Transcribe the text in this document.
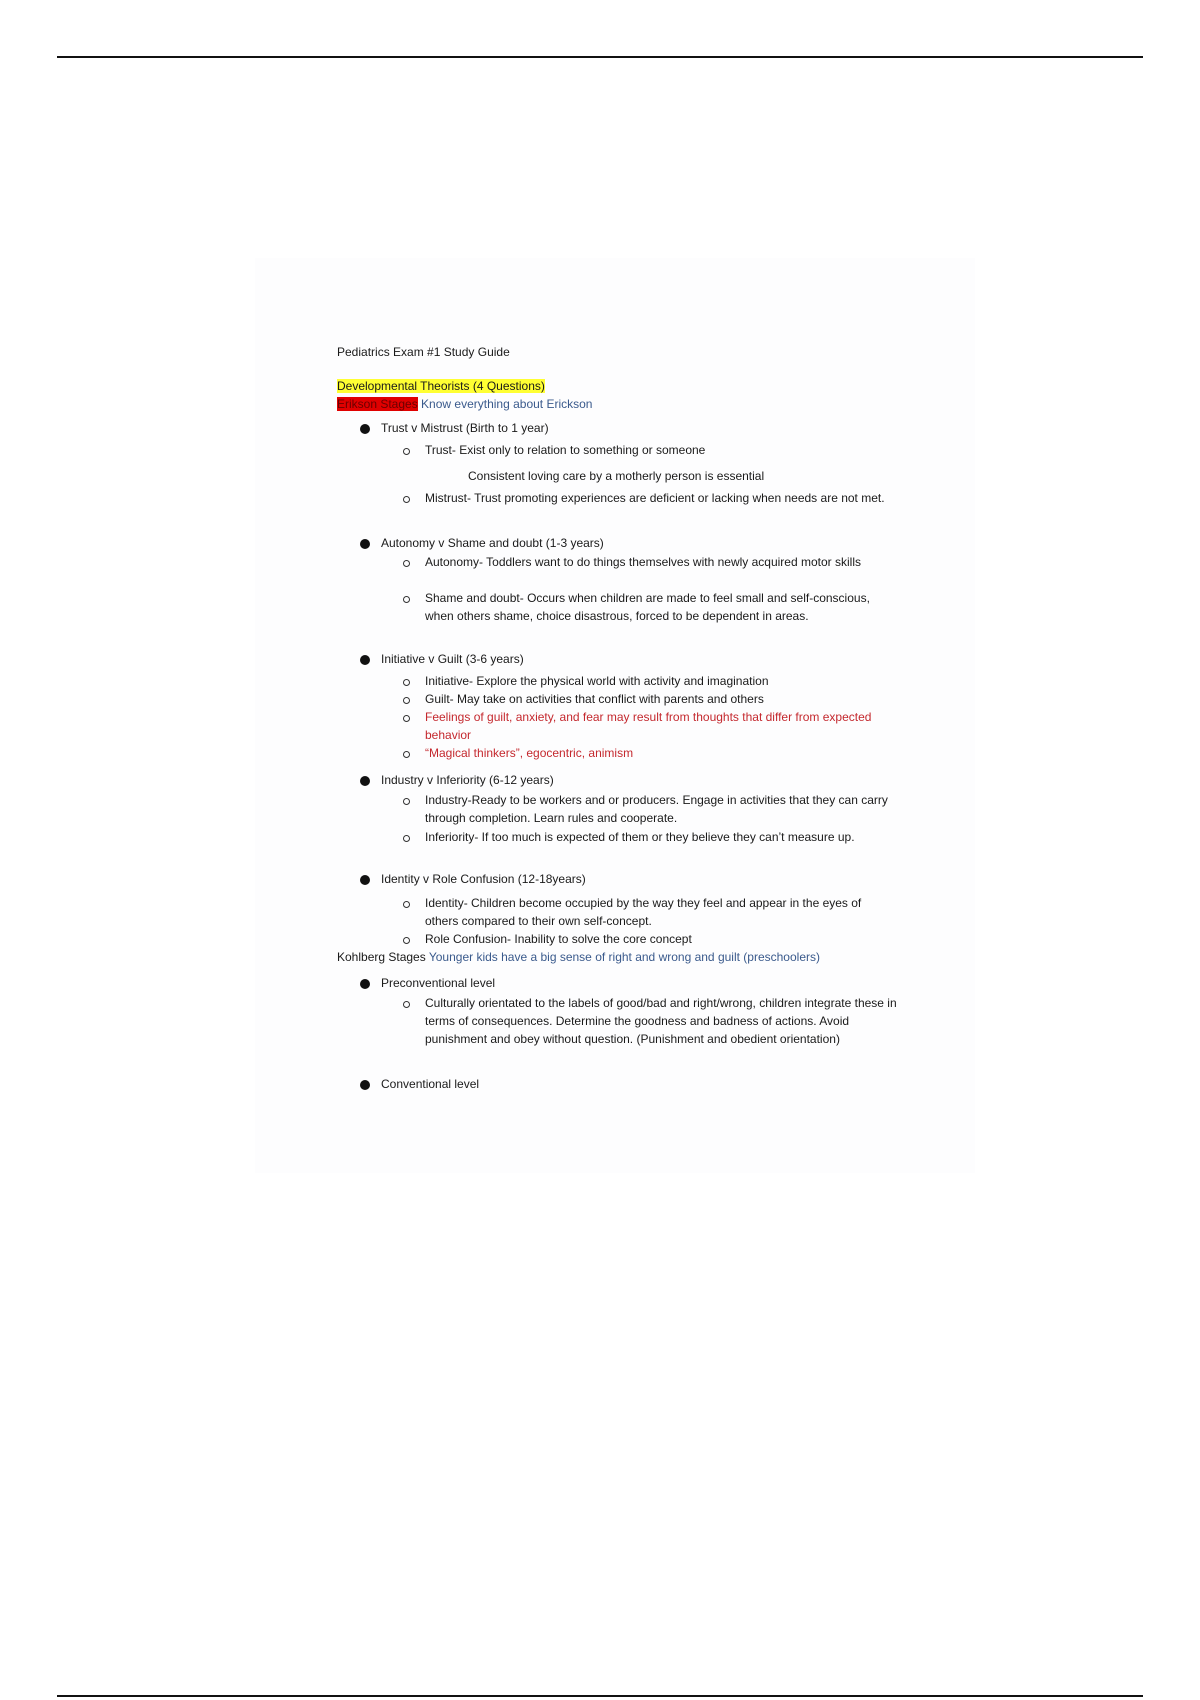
Pediatrics Exam #1 Study Guide
Developmental Theorists (4 Questions)
Erikson Stages Know everything about Erickson
Trust v Mistrust (Birth to 1 year)
Trust- Exist only to relation to something or someone
Consistent loving care by a motherly person is essential
Mistrust- Trust promoting experiences are deficient or lacking when needs are not met.
Autonomy v Shame and doubt (1-3 years)
Autonomy- Toddlers want to do things themselves with newly acquired motor skills
Shame and doubt- Occurs when children are made to feel small and self-conscious, when others shame, choice disastrous, forced to be dependent in areas.
Initiative v Guilt (3-6 years)
Initiative- Explore the physical world with activity and imagination
Guilt- May take on activities that conflict with parents and others
Feelings of guilt, anxiety, and fear may result from thoughts that differ from expected behavior
“Magical thinkers”, egocentric, animism
Industry v Inferiority (6-12 years)
Industry-Ready to be workers and or producers. Engage in activities that they can carry through completion. Learn rules and cooperate.
Inferiority- If too much is expected of them or they believe they can’t measure up.
Identity v Role Confusion (12-18years)
Identity- Children become occupied by the way they feel and appear in the eyes of others compared to their own self-concept.
Role Confusion- Inability to solve the core concept
Kohlberg Stages Younger kids have a big sense of right and wrong and guilt (preschoolers)
Preconventional level
Culturally orientated to the labels of good/bad and right/wrong, children integrate these in terms of consequences. Determine the goodness and badness of actions. Avoid punishment and obey without question. (Punishment and obedient orientation)
Conventional level
